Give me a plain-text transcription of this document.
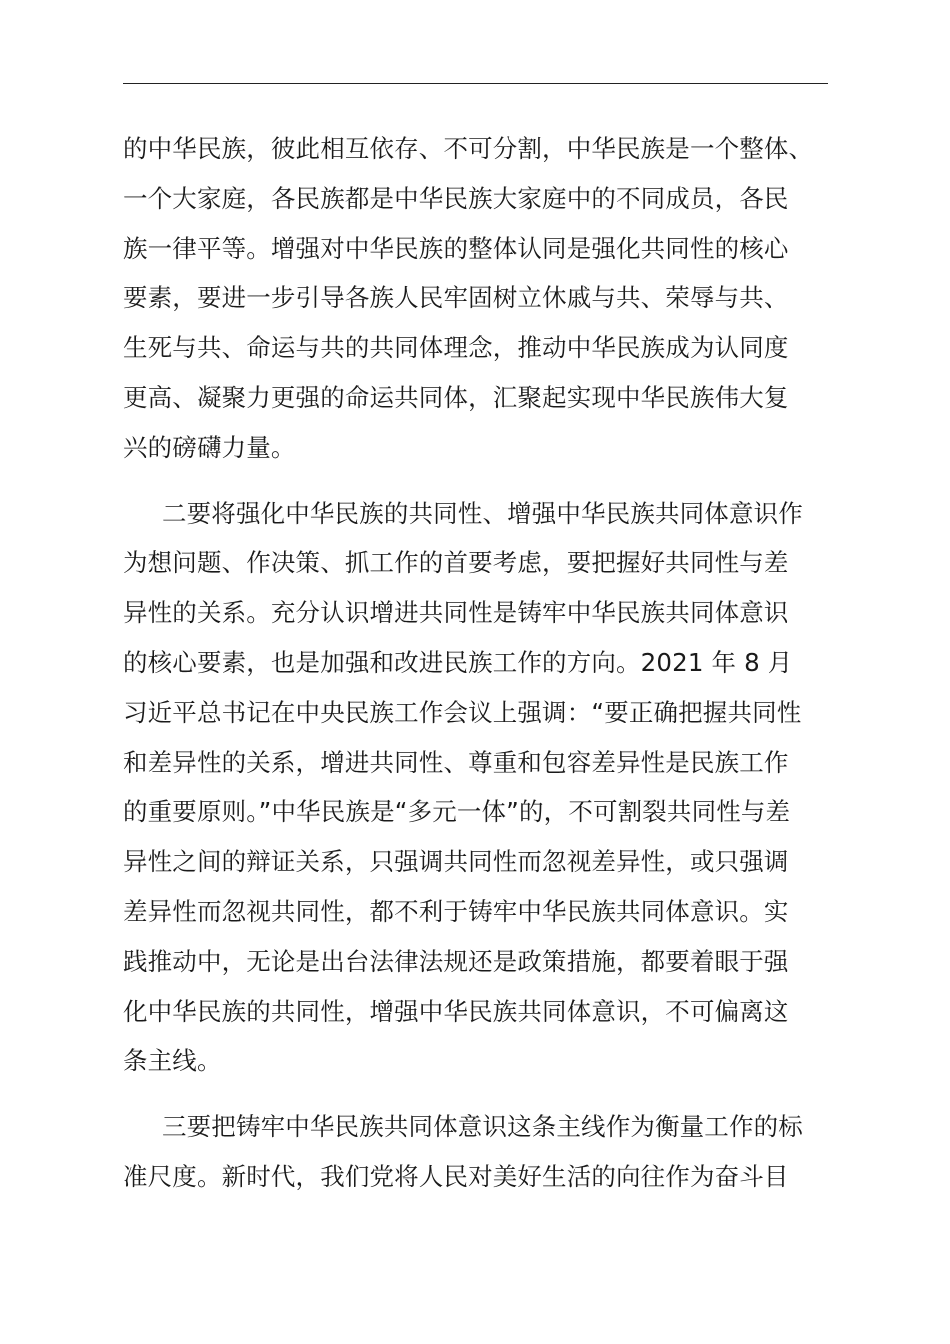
的中华民族，彼此相互依存、不可分割，中华民族是一个整体、
一个大家庭，各民族都是中华民族大家庭中的不同成员，各民
族一律平等。增强对中华民族的整体认同是强化共同性的核心
要素，要进一步引导各族人民牢固树立休戚与共、荣辱与共、
生死与共、命运与共的共同体理念，推动中华民族成为认同度
更高、凝聚力更强的命运共同体，汇聚起实现中华民族伟大复
兴的磅礴力量。
二要将强化中华民族的共同性、增强中华民族共同体意识作
为想问题、作决策、抓工作的首要考虑，要把握好共同性与差
异性的关系。充分认识增进共同性是铸牢中华民族共同体意识
的核心要素，也是加强和改进民族工作的方向。2021 年 8 月
习近平总书记在中央民族工作会议上强调：“要正确把握共同性
和差异性的关系，增进共同性、尊重和包容差异性是民族工作
的重要原则。”中华民族是“多元一体”的，不可割裂共同性与差
异性之间的辩证关系，只强调共同性而忽视差异性，或只强调
差异性而忽视共同性，都不利于铸牢中华民族共同体意识。实
践推动中，无论是出台法律法规还是政策措施，都要着眼于强
化中华民族的共同性，增强中华民族共同体意识，不可偏离这
条主线。
三要把铸牢中华民族共同体意识这条主线作为衡量工作的标
准尺度。新时代，我们党将人民对美好生活的向往作为奋斗目
